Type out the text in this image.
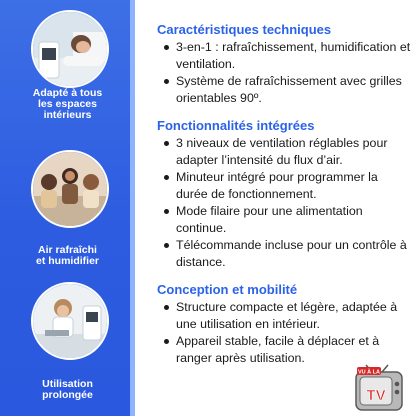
Adapté à tous
les espaces
intérieurs
Air rafraîchi
et humidifier
Utilisation
prolongée
Caractéristiques techniques
3-en-1 : rafraîchissement, humidification et ventilation.
Système de rafraîchissement avec grilles orientables 90º.
Fonctionnalités intégrées
3 niveaux de ventilation réglables pour adapter l’intensité du flux d’air.
Minuteur intégré pour programmer la durée de fonctionnement.
Mode filaire pour une alimentation continue.
Télécommande incluse pour un contrôle à distance.
Conception et mobilité
Structure compacte et légère, adaptée à une utilisation en intérieur.
Appareil stable, facile à déplacer et à ranger après utilisation.
VU À LA
TV
